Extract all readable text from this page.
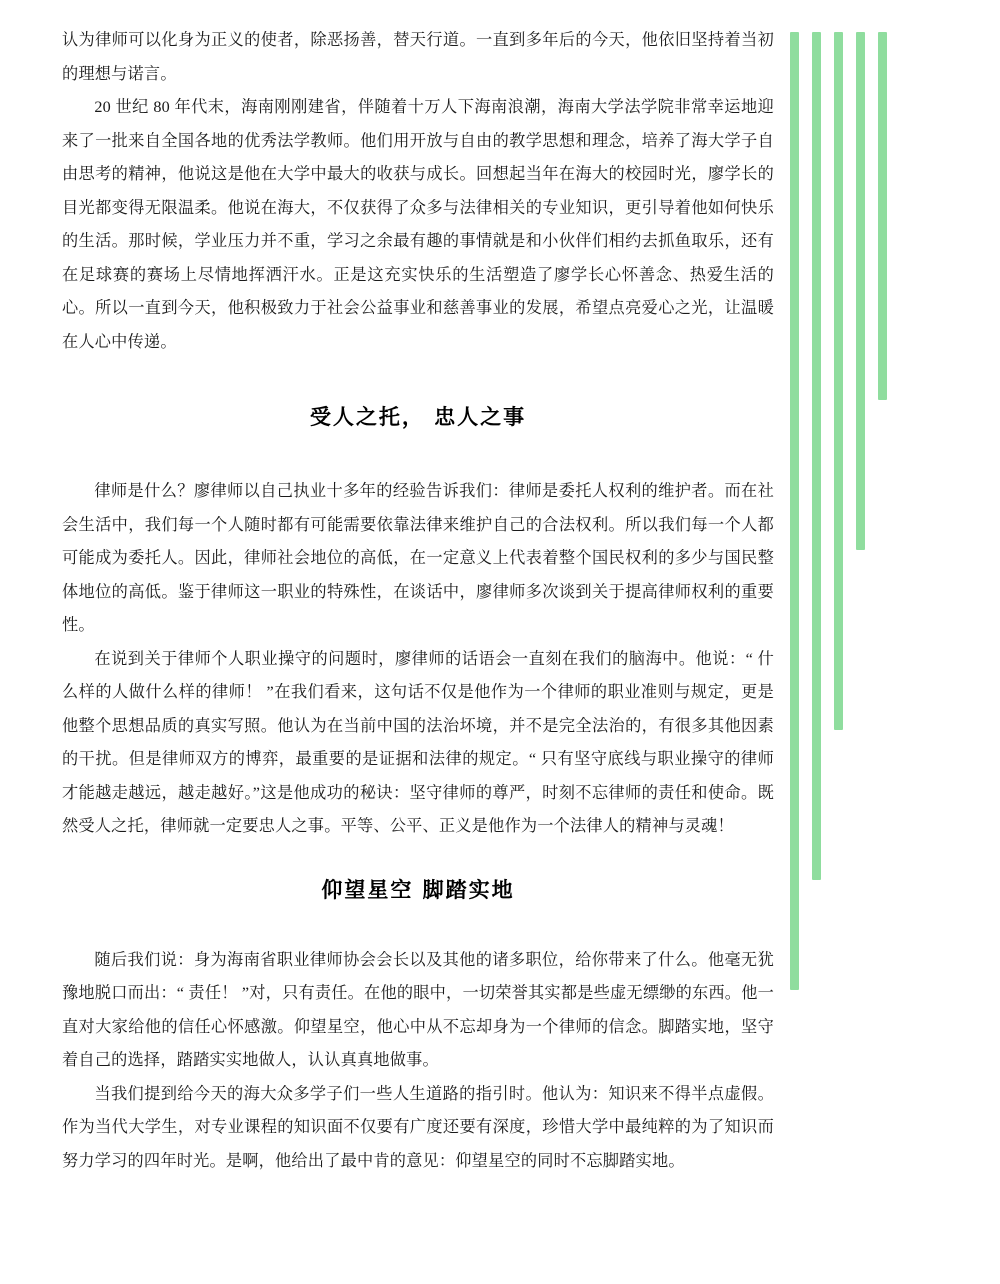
认为律师可以化身为正义的使者，除恶扬善，替天行道。一直到多年后的今天，他依旧坚持着当初的理想与诺言。

20 世纪 80 年代末，海南刚刚建省，伴随着十万人下海南浪潮，海南大学法学院非常幸运地迎来了一批来自全国各地的优秀法学教师。他们用开放与自由的教学思想和理念，培养了海大学子自由思考的精神，他说这是他在大学中最大的收获与成长。回想起当年在海大的校园时光，廖学长的目光都变得无限温柔。他说在海大，不仅获得了众多与法律相关的专业知识，更引导着他如何快乐的生活。那时候，学业压力并不重，学习之余最有趣的事情就是和小伙伴们相约去抓鱼取乐，还有在足球赛的赛场上尽情地挥洒汗水。正是这充实快乐的生活塑造了廖学长心怀善念、热爱生活的心。所以一直到今天，他积极致力于社会公益事业和慈善事业的发展，希望点亮爱心之光，让温暖在人心中传递。

受人之托， 忠人之事

律师是什么？廖律师以自己执业十多年的经验告诉我们：律师是委托人权利的维护者。而在社会生活中，我们每一个人随时都有可能需要依靠法律来维护自己的合法权利。所以我们每一个人都可能成为委托人。因此，律师社会地位的高低，在一定意义上代表着整个国民权利的多少与国民整体地位的高低。鉴于律师这一职业的特殊性，在谈话中，廖律师多次谈到关于提高律师权利的重要性。

在说到关于律师个人职业操守的问题时，廖律师的话语会一直刻在我们的脑海中。他说：“ 什么样的人做什么样的律师！ ”在我们看来，这句话不仅是他作为一个律师的职业准则与规定，更是他整个思想品质的真实写照。他认为在当前中国的法治坏境，并不是完全法治的，有很多其他因素的干扰。但是律师双方的博弈，最重要的是证据和法律的规定。“ 只有坚守底线与职业操守的律师才能越走越远，越走越好。”这是他成功的秘诀：坚守律师的尊严，时刻不忘律师的责任和使命。既然受人之托，律师就一定要忠人之事。平等、公平、正义是他作为一个法律人的精神与灵魂！

仰望星空 脚踏实地

随后我们说：身为海南省职业律师协会会长以及其他的诸多职位，给你带来了什么。他毫无犹豫地脱口而出：“ 责任！ ”对，只有责任。在他的眼中，一切荣誉其实都是些虚无缥缈的东西。他一直对大家给他的信任心怀感激。仰望星空，他心中从不忘却身为一个律师的信念。脚踏实地，坚守着自己的选择，踏踏实实地做人，认认真真地做事。

当我们提到给今天的海大众多学子们一些人生道路的指引时。他认为：知识来不得半点虚假。作为当代大学生，对专业课程的知识面不仅要有广度还要有深度，珍惜大学中最纯粹的为了知识而努力学习的四年时光。是啊，他给出了最中肯的意见：仰望星空的同时不忘脚踏实地。
